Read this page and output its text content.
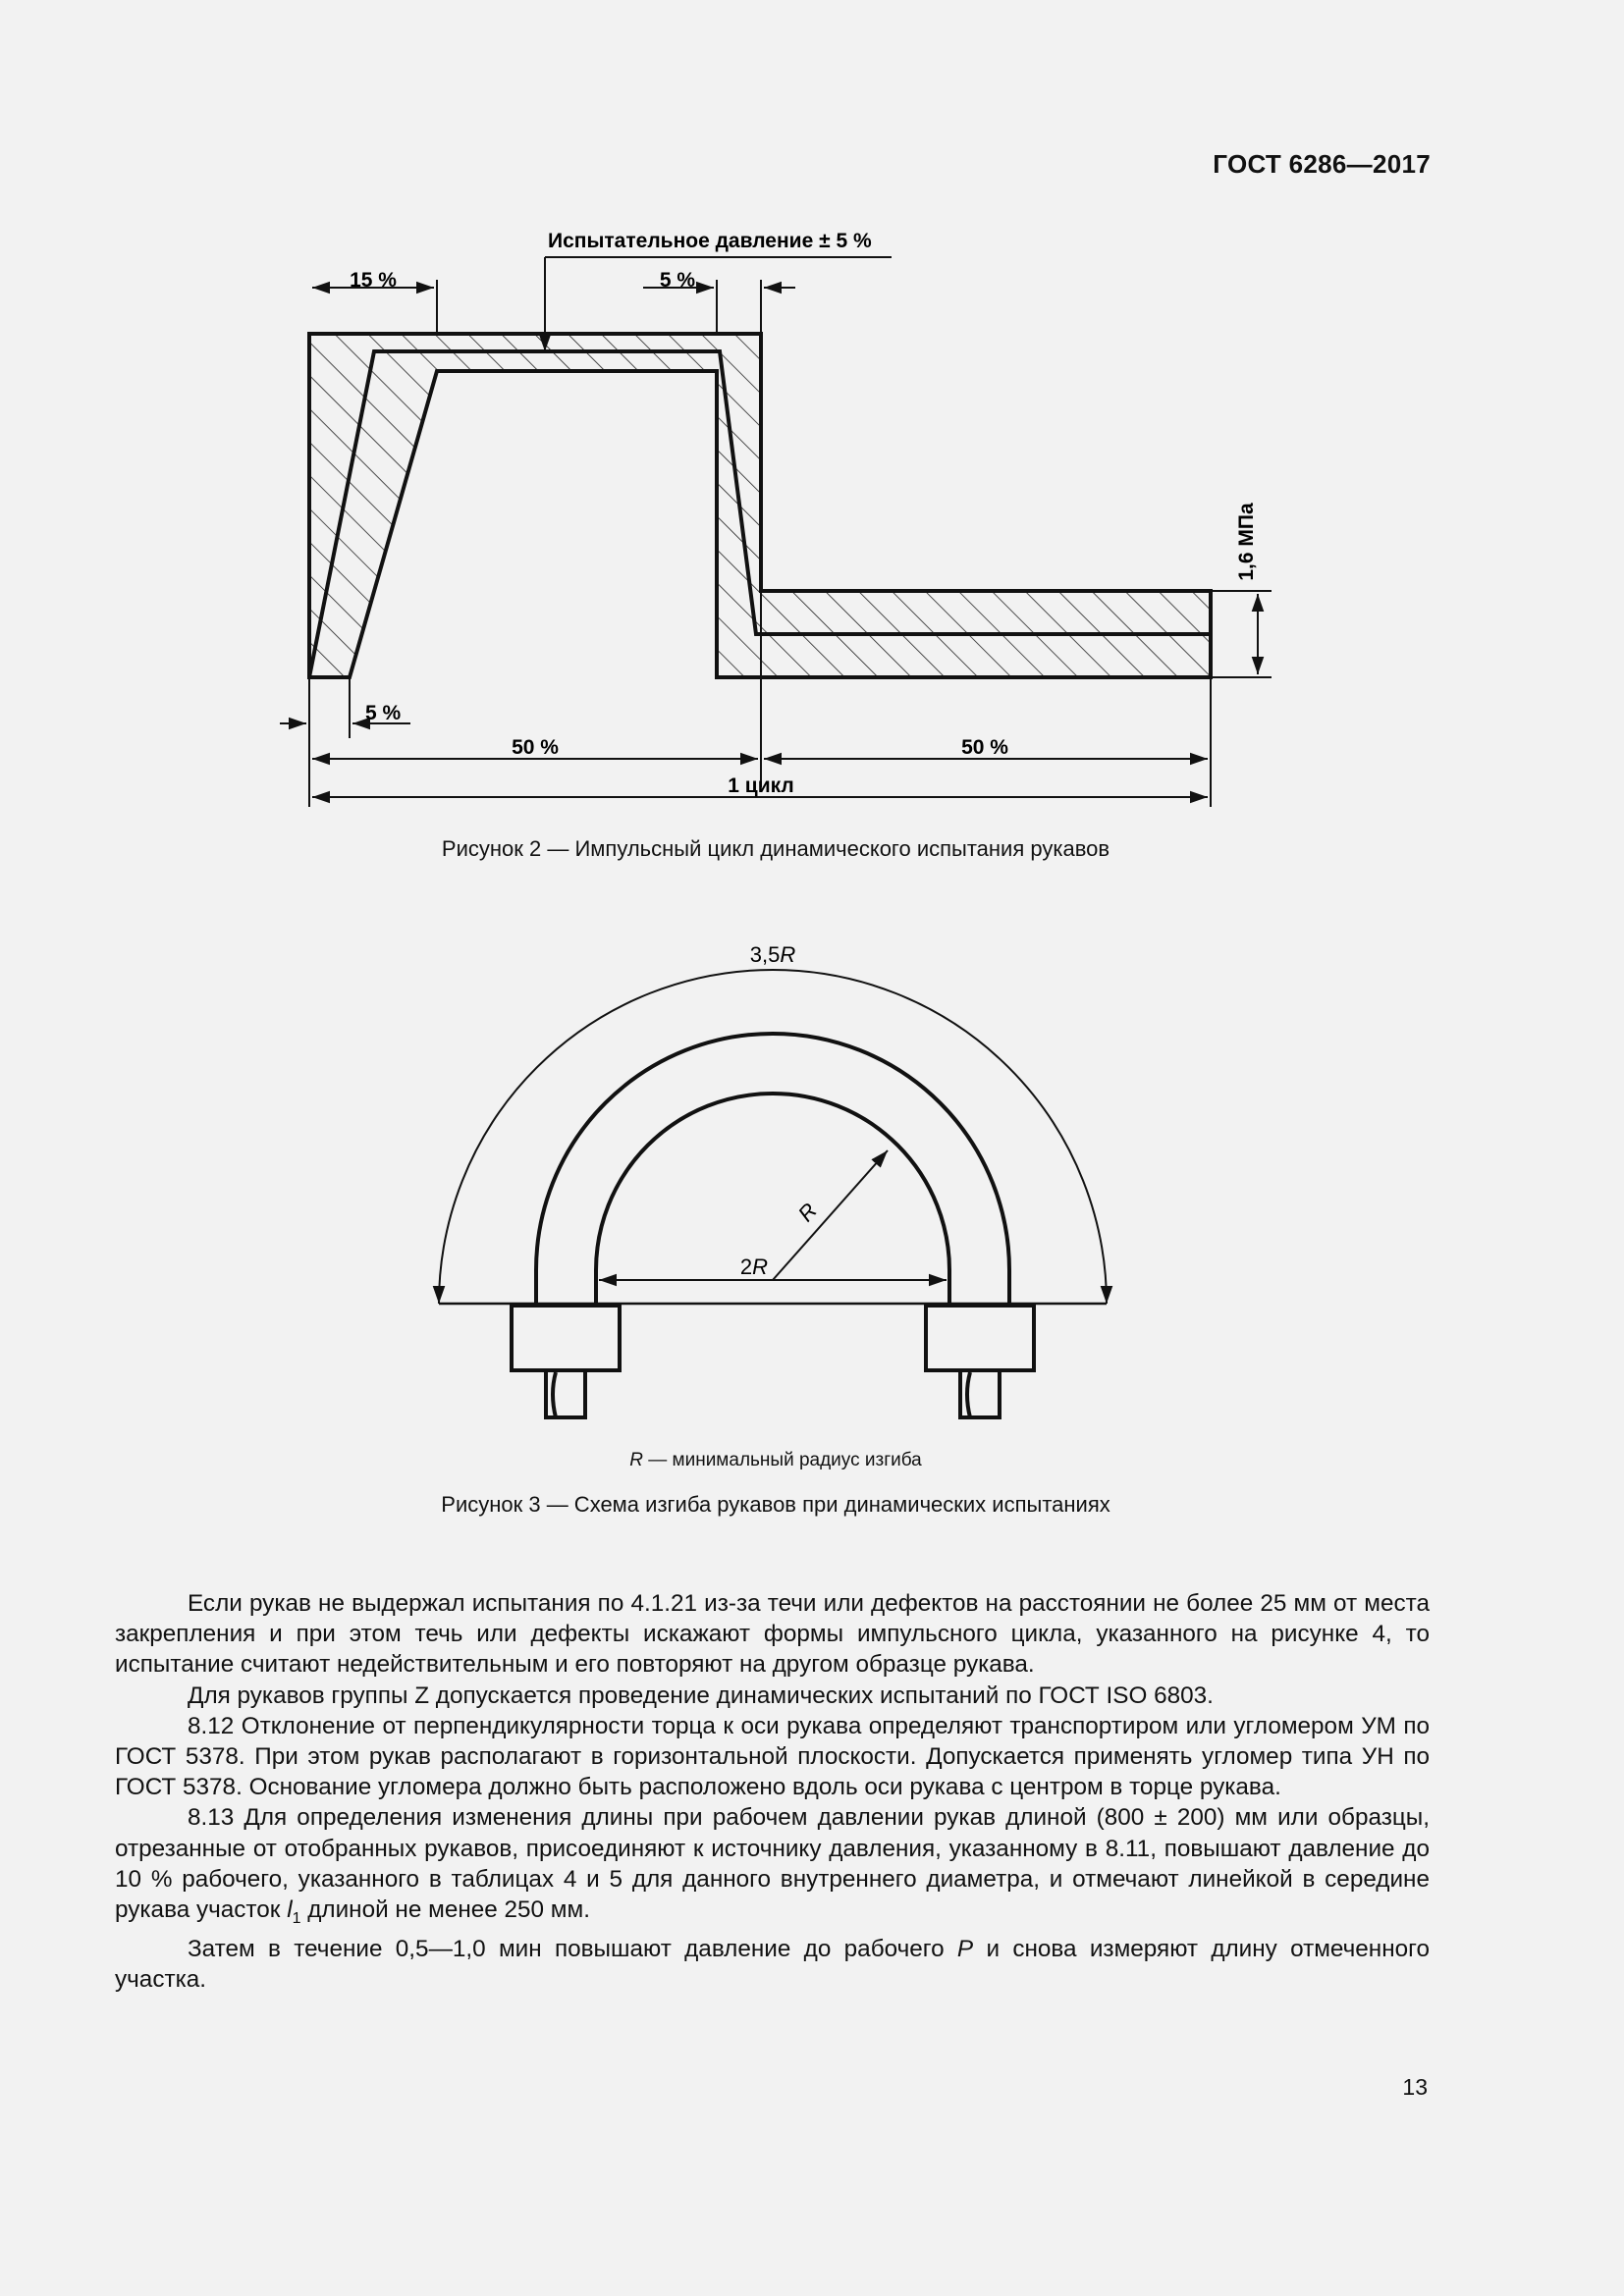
ГОСТ 6286—2017
Испытательное давление ± 5 %
15 %	5 %
5 %
50 %	50 %
1 цикл
1,6 МПа
Рисунок 2 — Импульсный цикл динамического испытания рукавов
3,5R
R
2R
R — минимальный радиус изгиба
Рисунок 3 — Схема изгиба рукавов при динамических испытаниях

Если рукав не выдержал испытания по 4.1.21 из-за течи или дефектов на расстоянии не более 25 мм от места закрепления и при этом течь или дефекты искажают формы импульсного цикла, указанного на рисунке 4, то испытание считают недействительным и его повторяют на другом образце рукава.

Для рукавов группы Z допускается проведение динамических испытаний по ГОСТ ISO 6803.

8.12 Отклонение от перпендикулярности торца к оси рукава определяют транспортиром или угломером УМ по ГОСТ 5378. При этом рукав располагают в горизонтальной плоскости. Допускается применять угломер типа УН по ГОСТ 5378. Основание угломера должно быть расположено вдоль оси рукава с центром в торце рукава.

8.13 Для определения изменения длины при рабочем давлении рукав длиной (800 ± 200) мм или образцы, отрезанные от отобранных рукавов, присоединяют к источнику давления, указанному в 8.11, повышают давление до 10 % рабочего, указанного в таблицах 4 и 5 для данного внутреннего диаметра, и отмечают линейкой в середине рукава участок $l_1$ длиной не менее 250 мм.

Затем в течение 0,5—1,0 мин повышают давление до рабочего P и снова измеряют длину отмеченного участка.

13
